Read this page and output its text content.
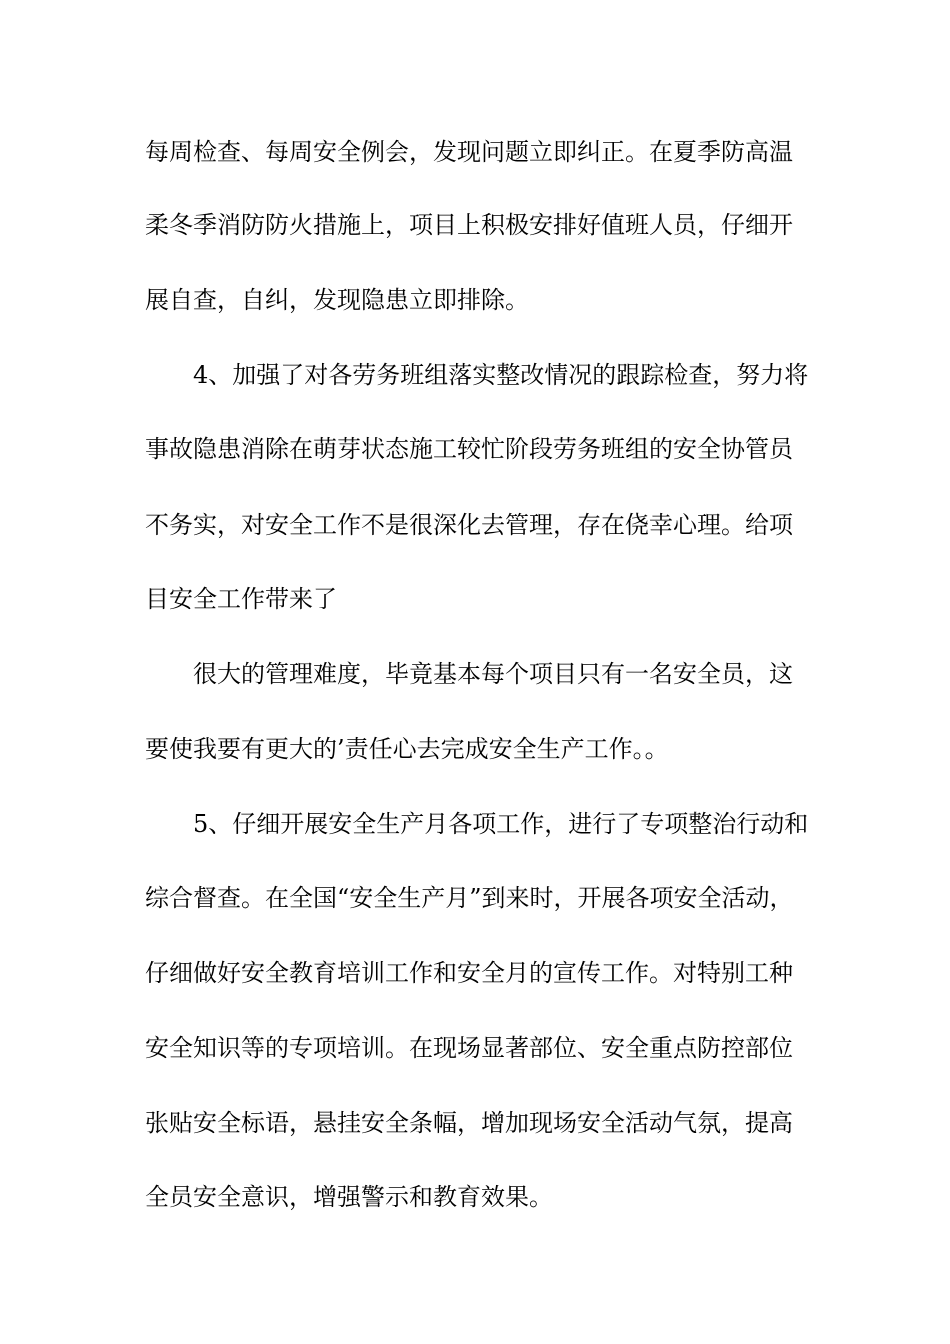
每周检查、每周安全例会，发现问题立即纠正。在夏季防高温

柔冬季消防防火措施上，项目上积极安排好值班人员，仔细开

展自查，自纠，发现隐患立即排除。

4、加强了对各劳务班组落实整改情况的跟踪检查，努力将

事故隐患消除在萌芽状态施工较忙阶段劳务班组的安全协管员

不务实，对安全工作不是很深化去管理，存在侥幸心理。给项

目安全工作带来了

很大的管理难度，毕竟基本每个项目只有一名安全员，这

要使我要有更大的’责任心去完成安全生产工作。。

5、仔细开展安全生产月各项工作，进行了专项整治行动和

综合督查。在全国“安全生产月”到来时，开展各项安全活动，

仔细做好安全教育培训工作和安全月的宣传工作。对特别工种

安全知识等的专项培训。在现场显著部位、安全重点防控部位

张贴安全标语，悬挂安全条幅，增加现场安全活动气氛，提高

全员安全意识，增强警示和教育效果。
